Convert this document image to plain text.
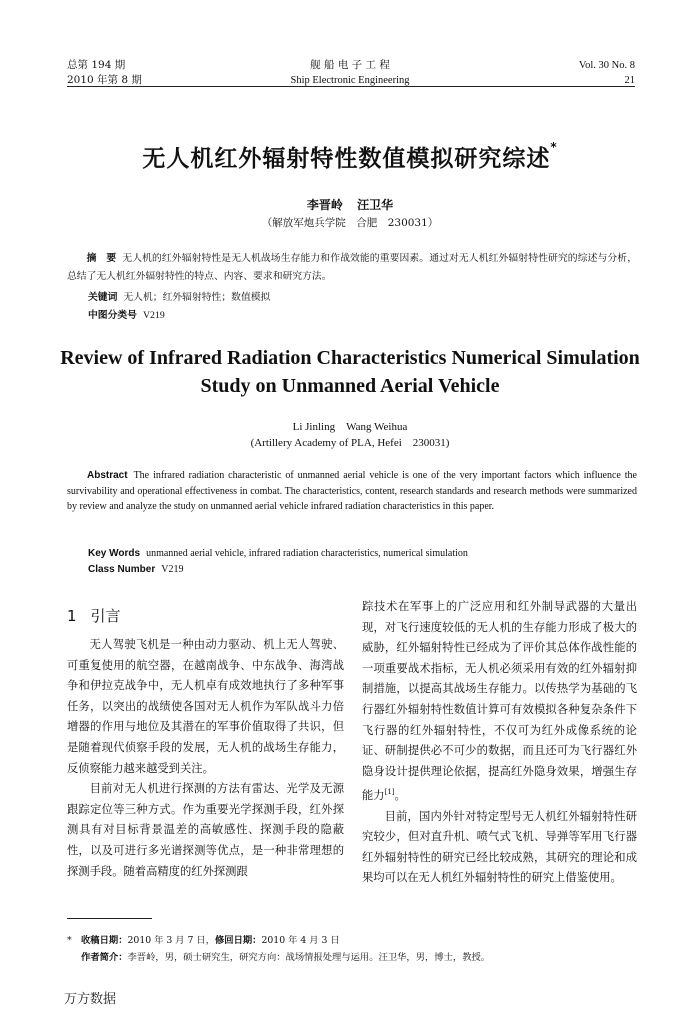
总第 194 期
2010 年第 8 期
舰 船 电 子 工 程
Ship Electronic Engineering
Vol. 30 No. 8
21
无人机红外辐射特性数值模拟研究综述*
李晋岭 汪卫华
（解放军炮兵学院　合肥　230031）
摘　要 无人机的红外辐射特性是无人机战场生存能力和作战效能的重要因素。通过对无人机红外辐射特性研究的综述与分析，总结了无人机红外辐射特性的特点、内容、要求和研究方法。
关键词 无人机；红外辐射特性；数值模拟
中图分类号 V219
Review of Infrared Radiation Characteristics Numerical Simulation
Study on Unmanned Aerial Vehicle
Li Jinling　Wang Weihua
(Artillery Academy of PLA, Hefei　230031)
Abstract The infrared radiation characteristic of unmanned aerial vehicle is one of the very important factors which influence the survivability and operational effectiveness in combat. The characteristics, content, research standards and research methods were summarized by review and analyze the study on unmanned aerial vehicle infrared radiation characteristics in this paper.
Key Words unmanned aerial vehicle, infrared radiation characteristics, numerical simulation
Class Number V219
1 引言

无人驾驶飞机是一种由动力驱动、机上无人驾驶、可重复使用的航空器，在越南战争、中东战争、海湾战争和伊拉克战争中，无人机卓有成效地执行了多种军事任务，以突出的战绩使各国对无人机作为军队战斗力倍增器的作用与地位及其潜在的军事价值取得了共识，但是随着现代侦察手段的发展，无人机的战场生存能力，反侦察能力越来越受到关注。

目前对无人机进行探测的方法有雷达、光学及无源跟踪定位等三种方式。作为重要光学探测手段，红外探测具有对目标背景温差的高敏感性、探测手段的隐蔽性，以及可进行多光谱探测等优点，是一种非常理想的探测手段。随着高精度的红外探测跟

踪技术在军事上的广泛应用和红外制导武器的大量出现，对飞行速度较低的无人机的生存能力形成了极大的威胁，红外辐射特性已经成为了评价其总体作战性能的一项重要战术指标，无人机必须采用有效的红外辐射抑制措施，以提高其战场生存能力。以传热学为基础的飞行器红外辐射特性数值计算可有效模拟各种复杂条件下飞行器的红外辐射特性，不仅可为红外成像系统的论证、研制提供必不可少的数据，而且还可为飞行器红外隐身设计提供理论依据，提高红外隐身效果，增强生存能力[1]。

目前，国内外针对特定型号无人机红外辐射特性研究较少，但对直升机、喷气式飞机、导弹等军用飞行器红外辐射特性的研究已经比较成熟，其研究的理论和成果均可以在无人机红外辐射特性的研究上借鉴使用。

* 收稿日期：2010 年 3 月 7 日，修回日期：2010 年 4 月 3 日
作者简介：李晋岭，男，硕士研究生，研究方向：战场情报处理与运用。汪卫华，男，博士，教授。
万方数据
